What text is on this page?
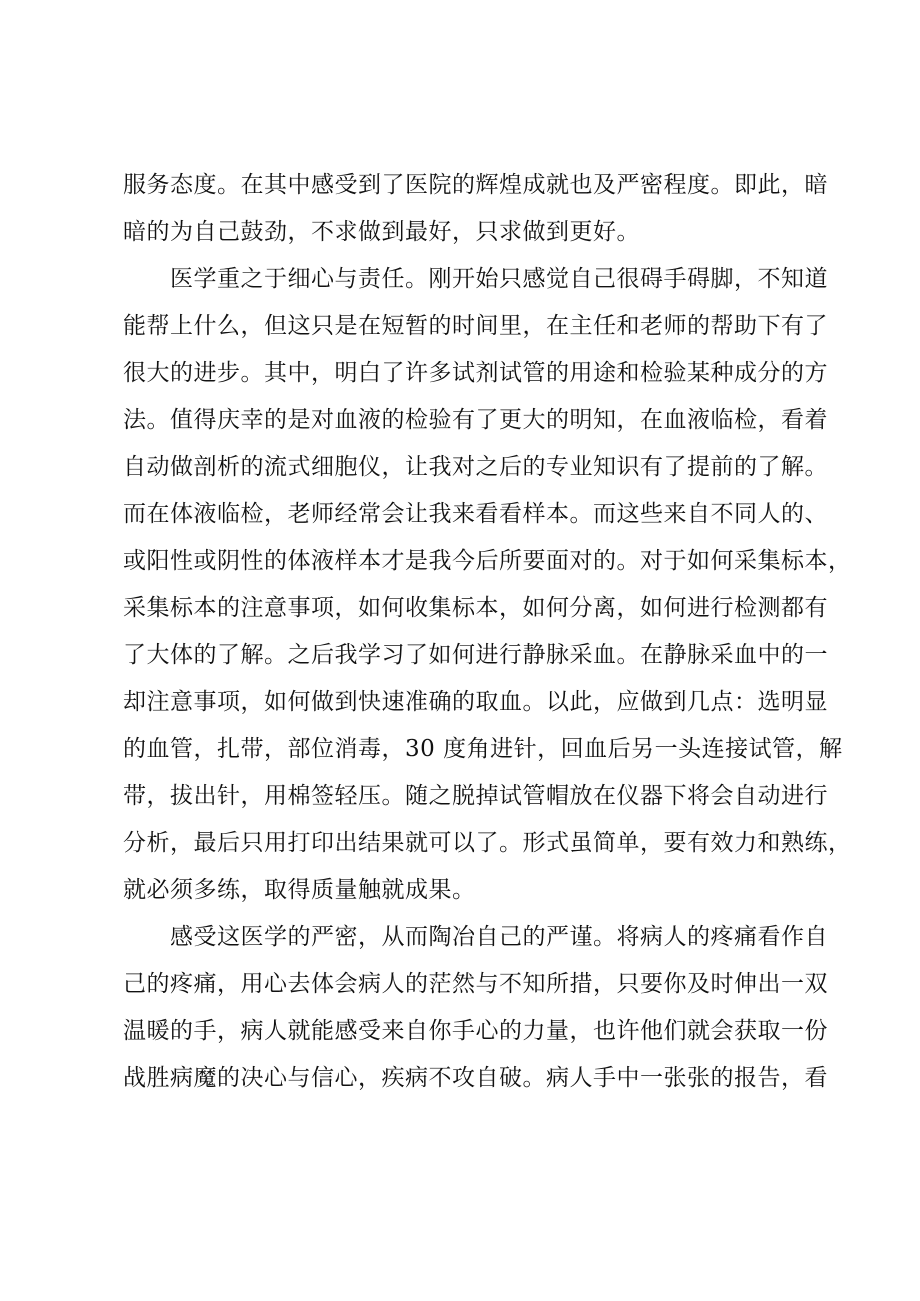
服务态度。在其中感受到了医院的辉煌成就也及严密程度。即此，暗
暗的为自己鼓劲，不求做到最好，只求做到更好。
医学重之于细心与责任。刚开始只感觉自己很碍手碍脚，不知道
能帮上什么，但这只是在短暂的时间里，在主任和老师的帮助下有了
很大的进步。其中，明白了许多试剂试管的用途和检验某种成分的方
法。值得庆幸的是对血液的检验有了更大的明知，在血液临检，看着
自动做剖析的流式细胞仪，让我对之后的专业知识有了提前的了解。
而在体液临检，老师经常会让我来看看样本。而这些来自不同人的、
或阳性或阴性的体液样本才是我今后所要面对的。对于如何采集标本，
采集标本的注意事项，如何收集标本，如何分离，如何进行检测都有
了大体的了解。之后我学习了如何进行静脉采血。在静脉采血中的一
却注意事项，如何做到快速准确的取血。以此，应做到几点：选明显
的血管，扎带，部位消毒，30 度角进针，回血后另一头连接试管，解
带，拔出针，用棉签轻压。随之脱掉试管帽放在仪器下将会自动进行
分析，最后只用打印出结果就可以了。形式虽简单，要有效力和熟练，
就必须多练，取得质量触就成果。
感受这医学的严密，从而陶冶自己的严谨。将病人的疼痛看作自
己的疼痛，用心去体会病人的茫然与不知所措，只要你及时伸出一双
温暖的手，病人就能感受来自你手心的力量，也许他们就会获取一份
战胜病魔的决心与信心，疾病不攻自破。病人手中一张张的报告，看
